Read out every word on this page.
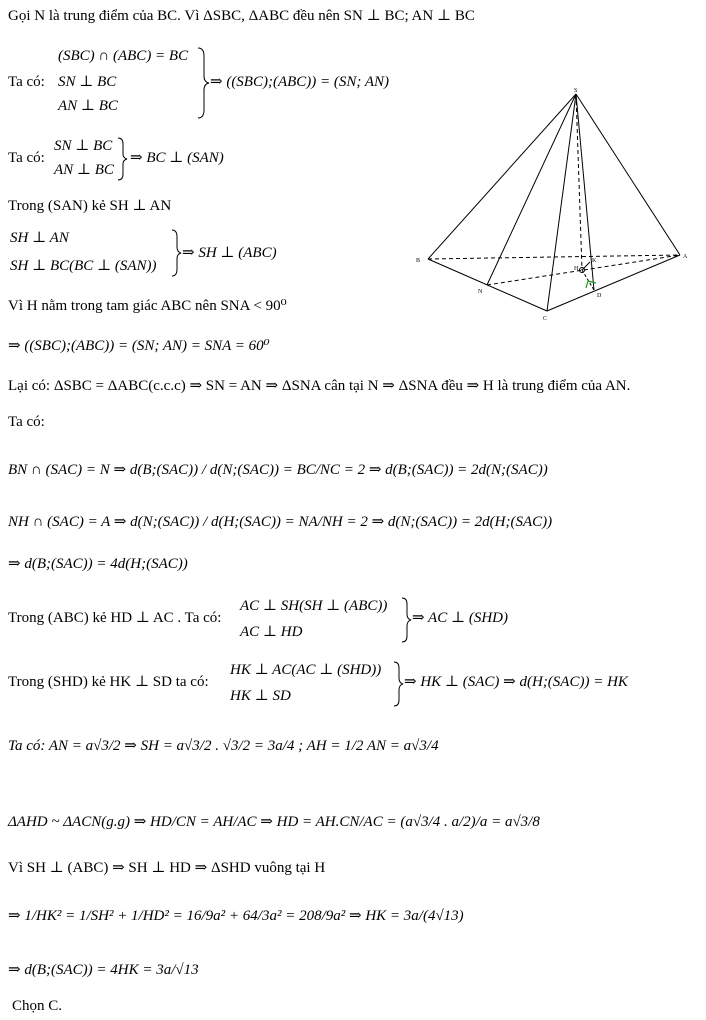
Gọi N là trung điểm của BC. Vì ΔSBC, ΔABC đều nên SN ⊥ BC; AN ⊥ BC
Ta có:
(SBC) ∩ (ABC) = BC
SN ⊥ BC
AN ⊥ BC
⇒ ((SBC);(ABC)) = (SN; AN)
Ta có:
SN ⊥ BC
AN ⊥ BC
⇒ BC ⊥ (SAN)
Trong (SAN) kẻ SH ⊥ AN
SH ⊥ AN
SH ⊥ BC(BC ⊥ (SAN))
⇒ SH ⊥ (ABC)
Vì H nằm trong tam giác ABC nên SNA < 90⁰
⇒ ((SBC);(ABC)) = (SN; AN) = SNA = 60⁰
Lại có: ΔSBC = ΔABC(c.c.c) ⇒ SN = AN ⇒ ΔSNA cân tại N ⇒ ΔSNA đều ⇒ H là trung điểm của AN.
Ta có:
BN ∩ (SAC) = N ⇒ d(B;(SAC)) / d(N;(SAC)) = BC/NC = 2 ⇒ d(B;(SAC)) = 2d(N;(SAC))
NH ∩ (SAC) = A ⇒ d(N;(SAC)) / d(H;(SAC)) = NA/NH = 2 ⇒ d(N;(SAC)) = 2d(H;(SAC))
⇒ d(B;(SAC)) = 4d(H;(SAC))
Trong (ABC) kẻ HD ⊥ AC . Ta có:
AC ⊥ SH(SH ⊥ (ABC))
AC ⊥ HD
⇒ AC ⊥ (SHD)
Trong (SHD) kẻ HK ⊥ SD ta có:
HK ⊥ AC(AC ⊥ (SHD))
HK ⊥ SD
⇒ HK ⊥ (SAC) ⇒ d(H;(SAC)) = HK
Ta có: AN = a√3/2 ⇒ SH = a√3/2 . √3/2 = 3a/4 ; AH = 1/2 AN = a√3/4
ΔAHD ~ ΔACN(g.g) ⇒ HD/CN = AH/AC ⇒ HD = AH.CN/AC = (a√3/4 . a/2)/a = a√3/8
Vì SH ⊥ (ABC) ⇒ SH ⊥ HD ⇒ ΔSHD vuông tại H
⇒ 1/HK² = 1/SH² + 1/HD² = 16/9a² + 64/3a² = 208/9a² ⇒ HK = 3a/(4√13)
⇒ d(B;(SAC)) = 4HK = 3a/√13
Chọn C.
S
A
B
C
N
D
H
K
